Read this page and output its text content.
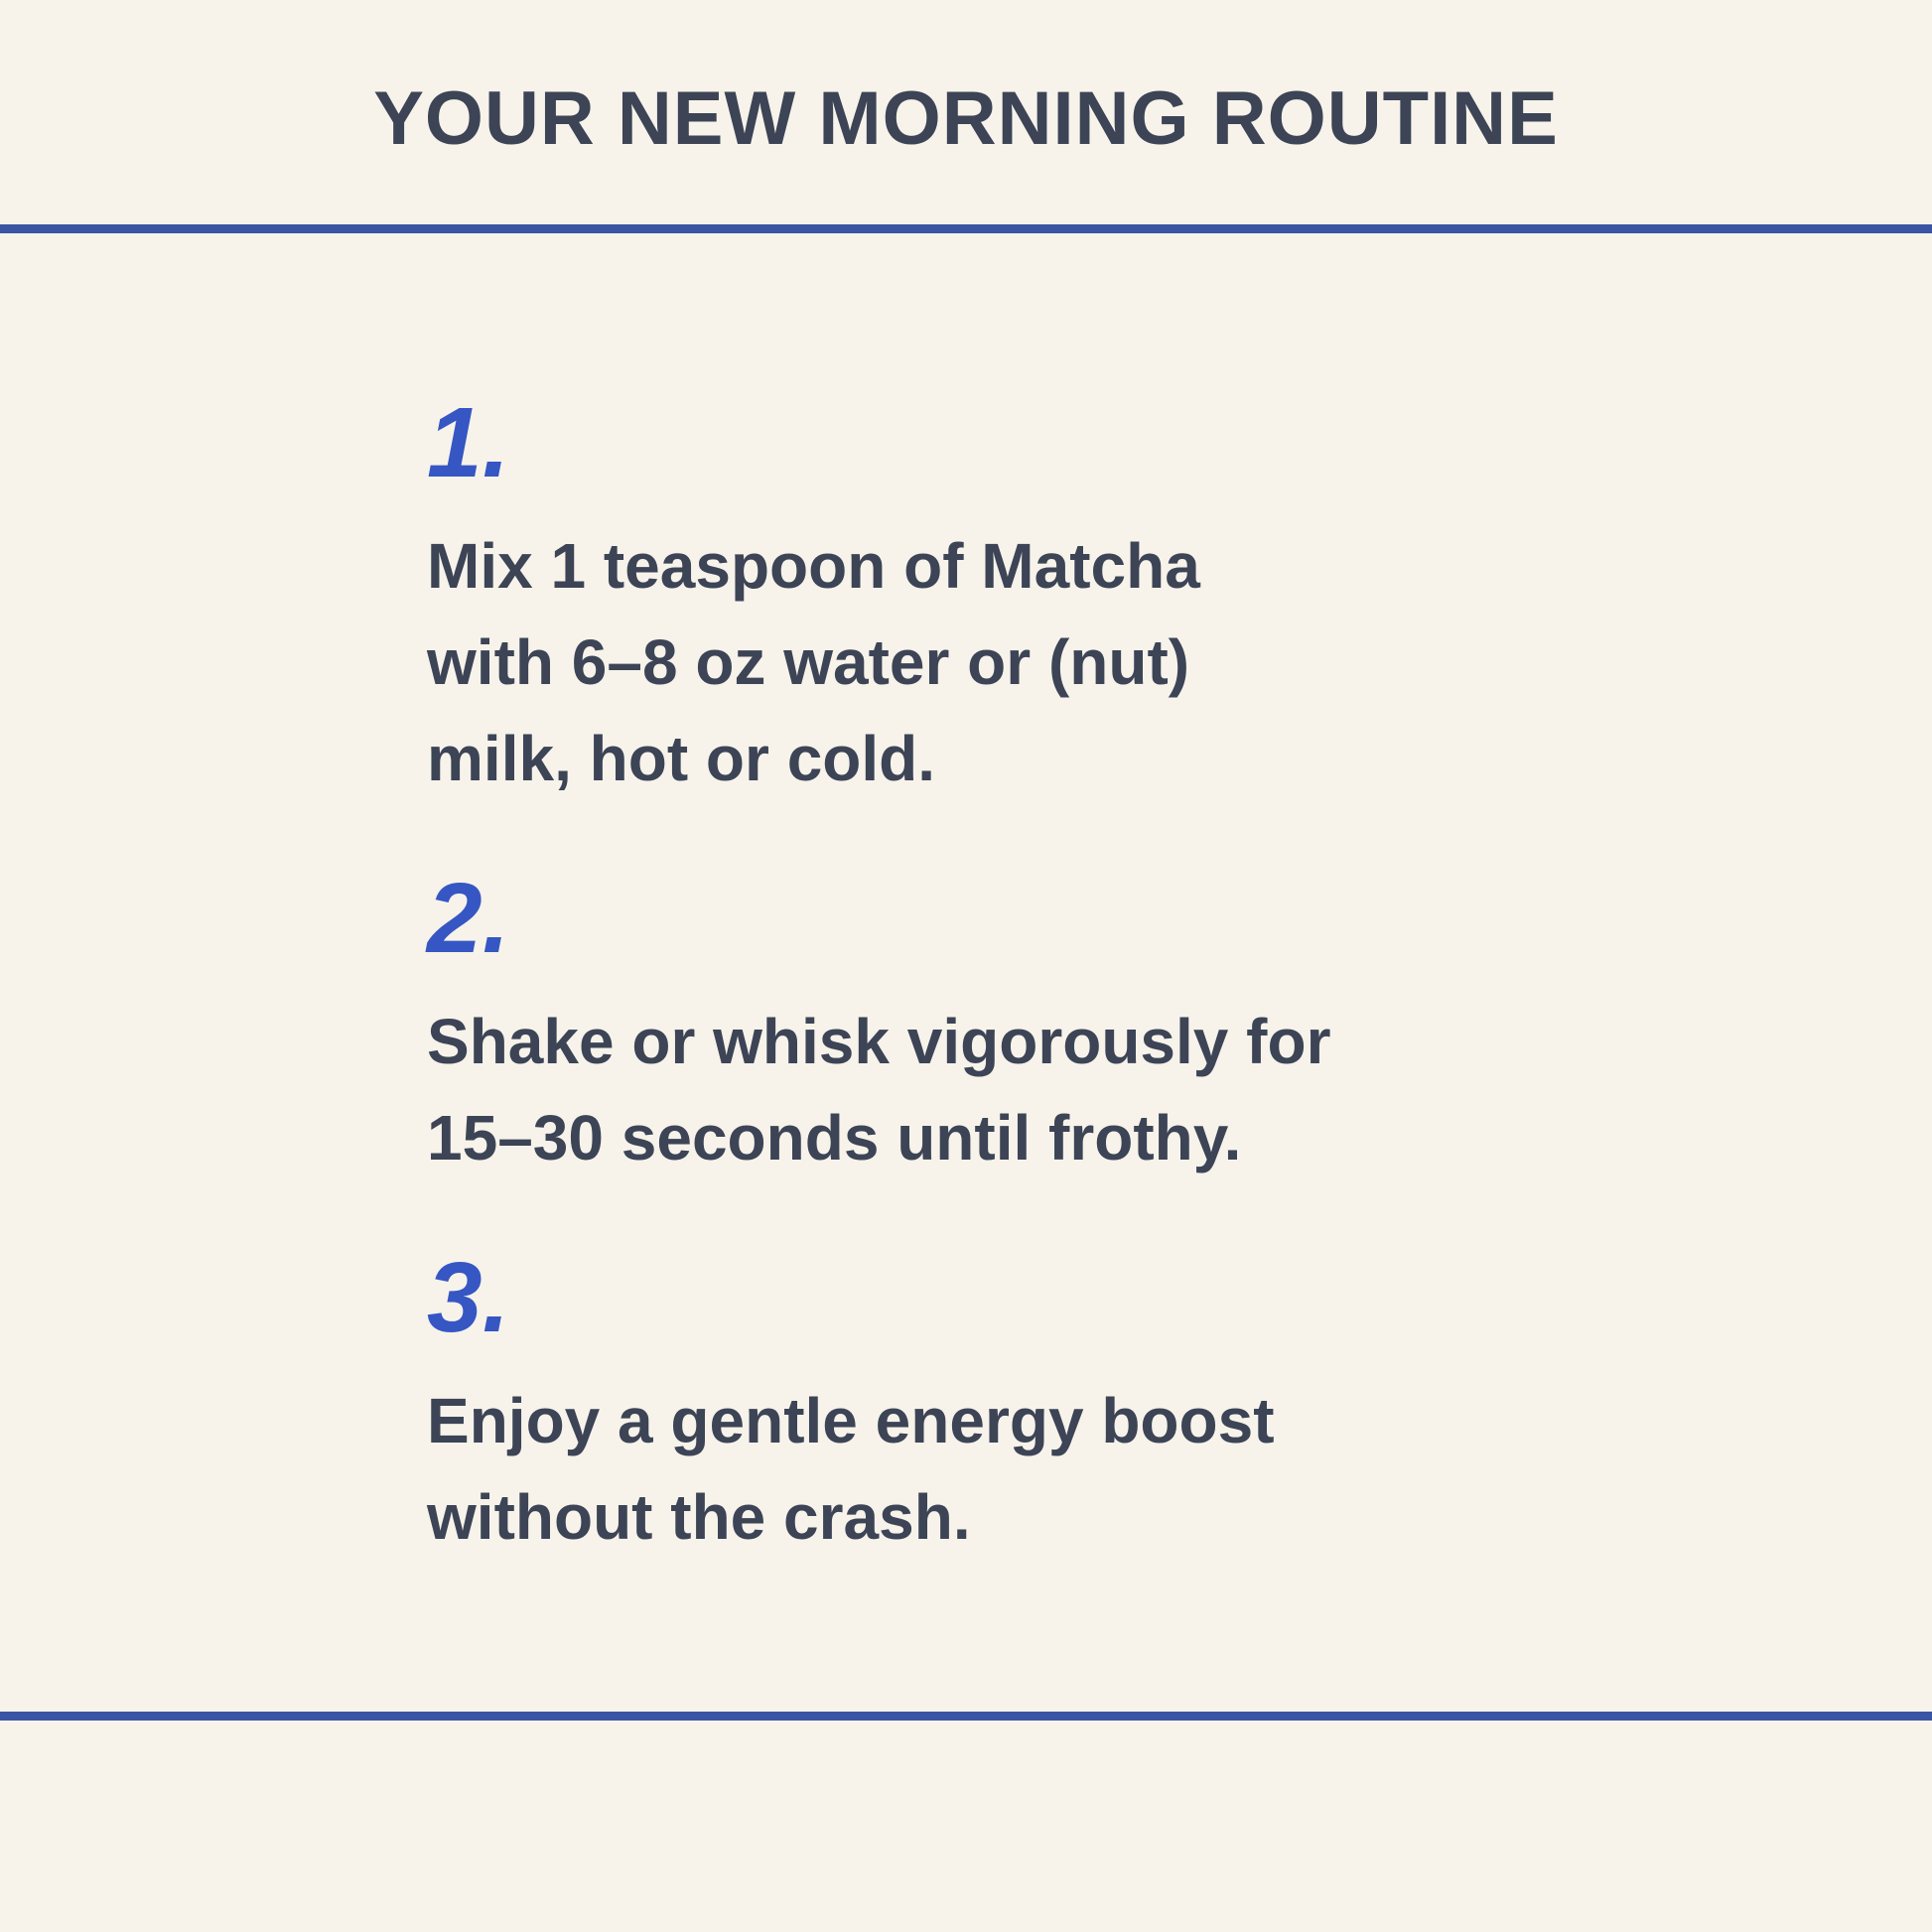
YOUR NEW MORNING ROUTINE
1.
Mix 1 teaspoon of Matcha
with 6–8 oz water or (nut)
milk, hot or cold.
2.
Shake or whisk vigorously for
15–30 seconds until frothy.
3.
Enjoy a gentle energy boost
without the crash.
